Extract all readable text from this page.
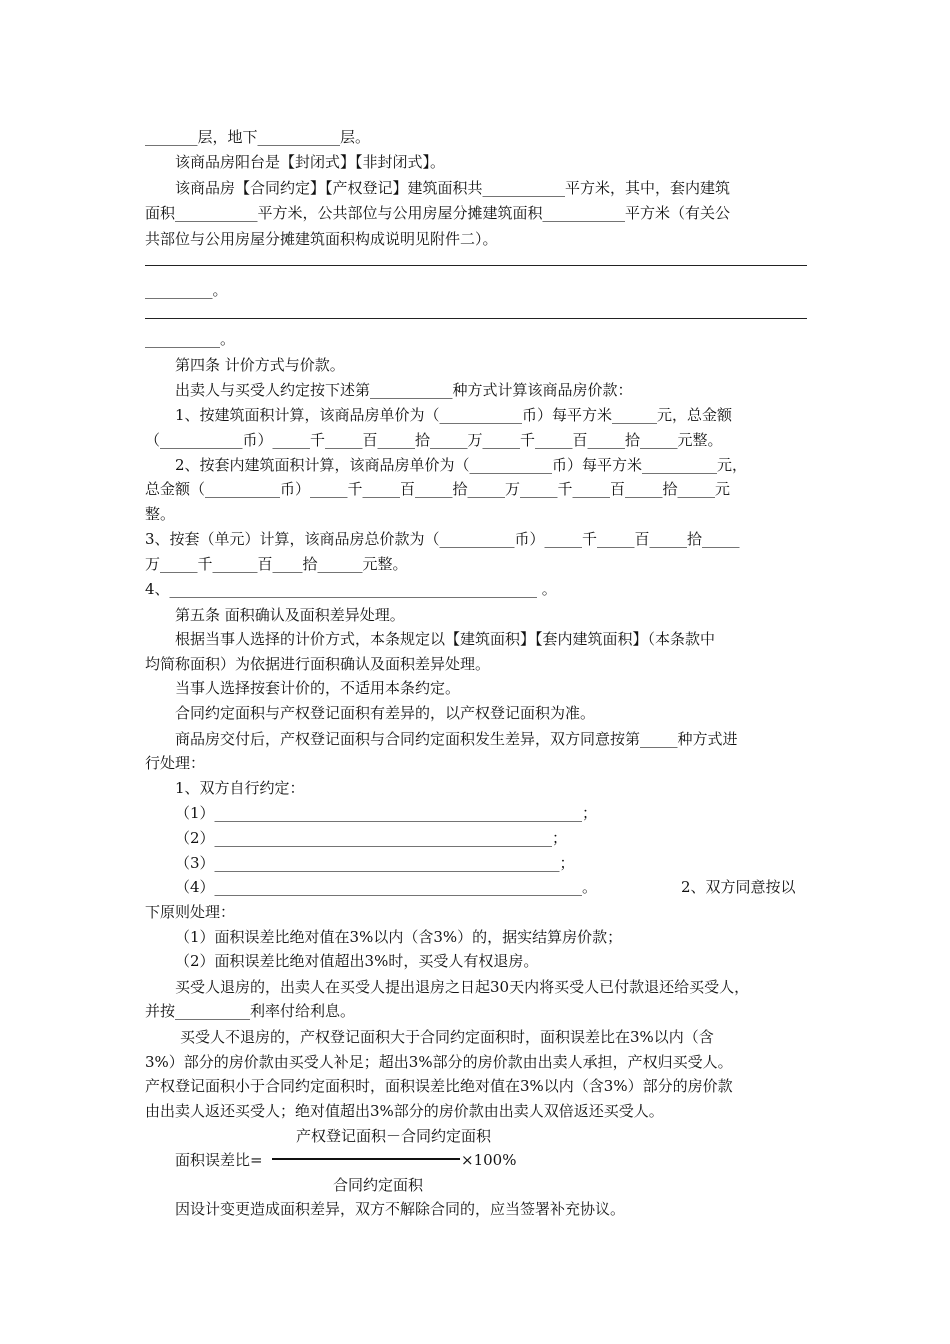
_______层，地下___________层。
该商品房阳台是【封闭式】【非封闭式】。
该商品房【合同约定】【产权登记】建筑面积共___________平方米，其中，套内建筑
面积___________平方米，公共部位与公用房屋分摊建筑面积___________平方米（有关公
共部位与公用房屋分摊建筑面积构成说明见附件二）。
_________。
__________。
第四条 计价方式与价款。
出卖人与买受人约定按下述第___________种方式计算该商品房价款：
1、按建筑面积计算，该商品房单价为（___________币）每平方米______元，总金额
（___________币）_____千_____百_____拾_____万_____千_____百_____拾_____元整。
2、按套内建筑面积计算，该商品房单价为（___________币）每平方米__________元，
总金额（__________币）_____千_____百_____拾_____万_____千_____百_____拾_____元
整。
3、按套（单元）计算，该商品房总价款为（__________币）_____千_____百_____拾_____
万_____千______百____拾______元整。
4、_________________________________________________ 。
第五条 面积确认及面积差异处理。
根据当事人选择的计价方式，本条规定以【建筑面积】【套内建筑面积】（本条款中
均简称面积）为依据进行面积确认及面积差异处理。
当事人选择按套计价的，不适用本条约定。
合同约定面积与产权登记面积有差异的，以产权登记面积为准。
商品房交付后，产权登记面积与合同约定面积发生差异，双方同意按第_____种方式进
行处理：
1、双方自行约定：
（1）_________________________________________________；
（2）_____________________________________________；
（3）______________________________________________；
（4）_________________________________________________。	2、双方同意按以
下原则处理：
（1）面积误差比绝对值在3%以内（含3%）的，据实结算房价款；
（2）面积误差比绝对值超出3%时，买受人有权退房。
买受人退房的，出卖人在买受人提出退房之日起30天内将买受人已付款退还给买受人，
并按__________利率付给利息。
买受人不退房的，产权登记面积大于合同约定面积时，面积误差比在3%以内（含
3%）部分的房价款由买受人补足；超出3%部分的房价款由出卖人承担，产权归买受人。
产权登记面积小于合同约定面积时，面积误差比绝对值在3%以内（含3%）部分的房价款
由出卖人返还买受人；绝对值超出3%部分的房价款由出卖人双倍返还买受人。
产权登记面积－合同约定面积
面积误差比=	×100%
合同约定面积
因设计变更造成面积差异，双方不解除合同的，应当签署补充协议。
